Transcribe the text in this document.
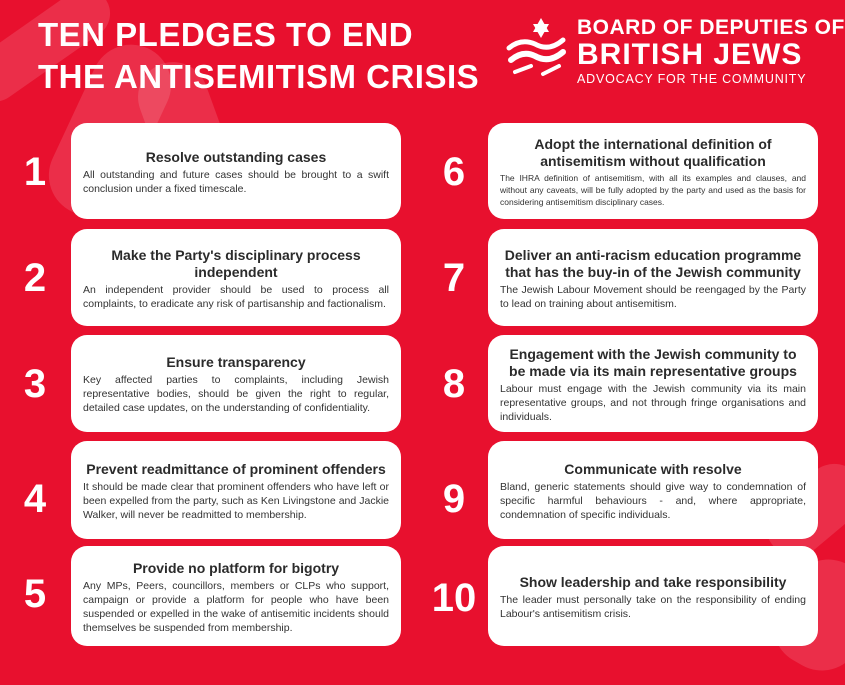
TEN PLEDGES TO END
THE ANTISEMITISM CRISIS
BOARD OF DEPUTIES OF
BRITISH JEWS
ADVOCACY FOR THE COMMUNITY
1	Resolve outstanding cases
All outstanding and future cases should be brought to a swift conclusion under a fixed timescale.
2
Make the Party's disciplinary process independent
An independent provider should be used to process all complaints, to eradicate any risk of partisanship and factionalism.
3	Ensure transparency
Key affected parties to complaints, including Jewish representative bodies, should be given the right to regular, detailed case updates, on the understanding of confidentiality.
4
Prevent readmittance of prominent offenders
It should be made clear that prominent offenders who have left or been expelled from the party, such as Ken Livingstone and Jackie Walker, will never be readmitted to membership.
5
Provide no platform for bigotry
Any MPs, Peers, councillors, members or CLPs who support, campaign or provide a platform for people who have been suspended or expelled in the wake of antisemitic incidents should themselves be suspended from membership.
6
Adopt the international definition of antisemitism without qualification
The IHRA definition of antisemitism, with all its examples and clauses, and without any caveats, will be fully adopted by the party and used as the basis for considering antisemitism disciplinary cases.
7
Deliver an anti-racism education programme that has the buy-in of the Jewish community
The Jewish Labour Movement should be reengaged by the Party to lead on training about antisemitism.
8
Engagement with the Jewish community to be made via its main representative groups
Labour must engage with the Jewish community via its main representative groups, and not through fringe organisations and individuals.
9
Communicate with resolve
Bland, generic statements should give way to condemnation of specific harmful behaviours - and, where appropriate, condemnation of specific individuals.
10	Show leadership and take responsibility
The leader must personally take on the responsibility of ending Labour's antisemitism crisis.
